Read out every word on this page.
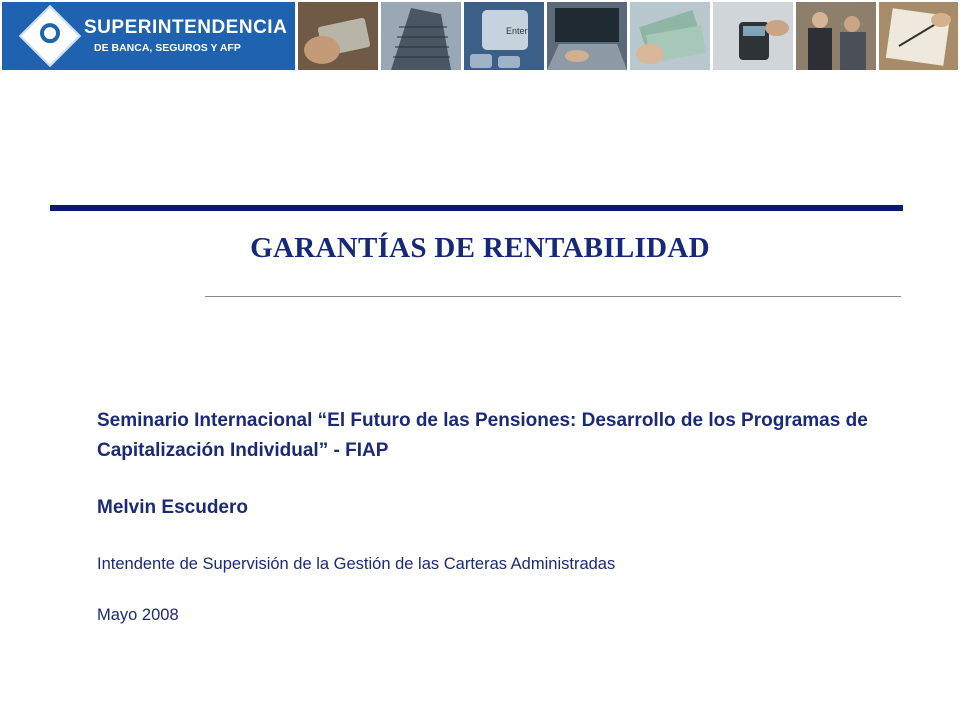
SUPERINTENDENCIA
DE BANCA, SEGUROS Y AFP
Enter
GARANTÍAS DE RENTABILIDAD
Seminario Internacional “El Futuro de las Pensiones: Desarrollo de los Programas de Capitalización Individual” - FIAP
Melvin Escudero
Intendente de Supervisión de la Gestión de las Carteras Administradas
Mayo 2008
